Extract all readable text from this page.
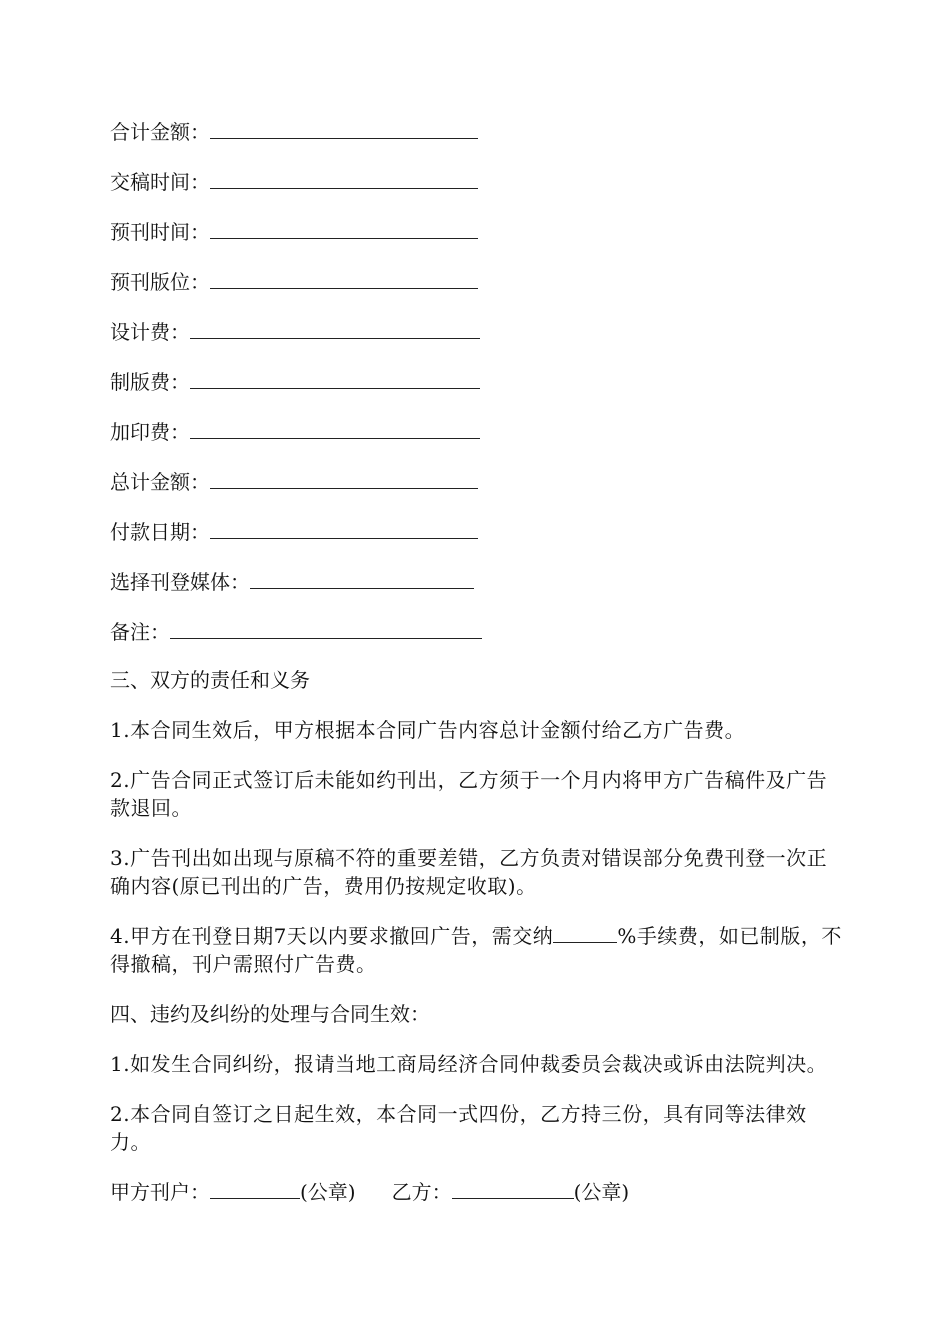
合计金额：
交稿时间：
预刊时间：
预刊版位：
设计费：
制版费：
加印费：
总计金额：
付款日期：
选择刊登媒体：
备注：
三、双方的责任和义务

1.本合同生效后，甲方根据本合同广告内容总计金额付给乙方广告费。

2.广告合同正式签订后未能如约刊出，乙方须于一个月内将甲方广告稿件及广告款退回。

3.广告刊出如出现与原稿不符的重要差错，乙方负责对错误部分免费刊登一次正确内容(原已刊出的广告，费用仍按规定收取)。

4.甲方在刊登日期7天以内要求撤回广告，需交纳	%手续费，如已制版，不得撤稿，刊户需照付广告费。

四、违约及纠纷的处理与合同生效：

1.如发生合同纠纷，报请当地工商局经济合同仲裁委员会裁决或诉由法院判决。

2.本合同自签订之日起生效，本合同一式四份，乙方持三份，具有同等法律效力。

甲方刊户：	(公章) 乙方：	(公章)
